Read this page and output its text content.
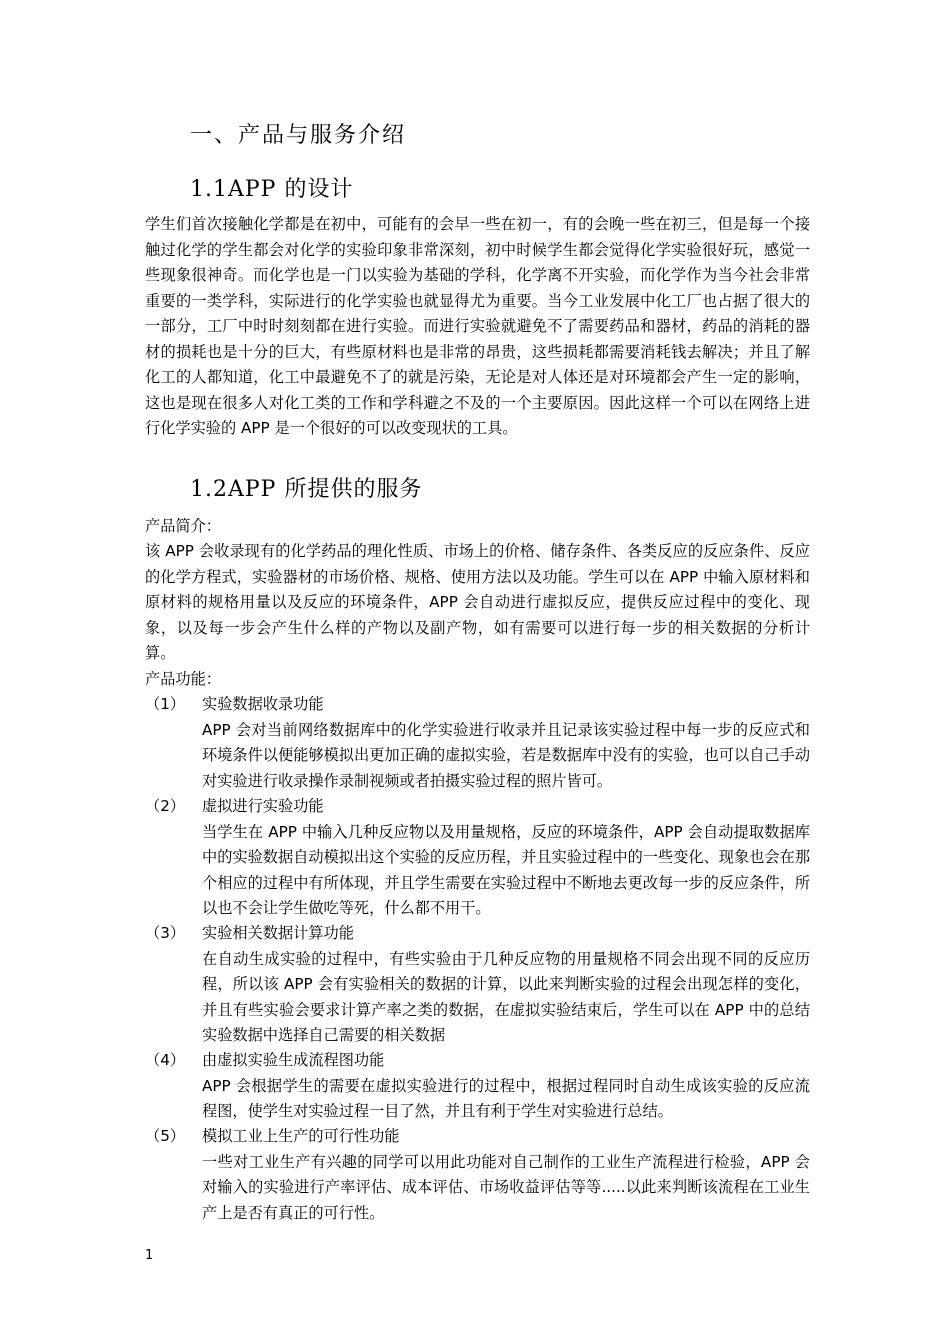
一、产品与服务介绍
1.1APP 的设计
学生们首次接触化学都是在初中，可能有的会早一些在初一，有的会晚一些在初三，但是每一个接触过化学的学生都会对化学的实验印象非常深刻，初中时候学生都会觉得化学实验很好玩，感觉一些现象很神奇。而化学也是一门以实验为基础的学科，化学离不开实验，而化学作为当今社会非常重要的一类学科，实际进行的化学实验也就显得尤为重要。当今工业发展中化工厂也占据了很大的一部分，工厂中时时刻刻都在进行实验。而进行实验就避免不了需要药品和器材，药品的消耗的器材的损耗也是十分的巨大，有些原材料也是非常的昂贵，这些损耗都需要消耗钱去解决；并且了解化工的人都知道，化工中最避免不了的就是污染，无论是对人体还是对环境都会产生一定的影响，这也是现在很多人对化工类的工作和学科避之不及的一个主要原因。因此这样一个可以在网络上进行化学实验的 APP 是一个很好的可以改变现状的工具。
1.2APP 所提供的服务
产品简介：
该 APP 会收录现有的化学药品的理化性质、市场上的价格、储存条件、各类反应的反应条件、反应的化学方程式，实验器材的市场价格、规格、使用方法以及功能。学生可以在 APP 中输入原材料和原材料的规格用量以及反应的环境条件，APP 会自动进行虚拟反应，提供反应过程中的变化、现象，以及每一步会产生什么样的产物以及副产物，如有需要可以进行每一步的相关数据的分析计算。
产品功能：
（1）	实验数据收录功能
APP 会对当前网络数据库中的化学实验进行收录并且记录该实验过程中每一步的反应式和环境条件以便能够模拟出更加正确的虚拟实验，若是数据库中没有的实验，也可以自己手动对实验进行收录操作录制视频或者拍摄实验过程的照片皆可。
（2）	虚拟进行实验功能
当学生在 APP 中输入几种反应物以及用量规格，反应的环境条件，APP 会自动提取数据库中的实验数据自动模拟出这个实验的反应历程，并且实验过程中的一些变化、现象也会在那个相应的过程中有所体现，并且学生需要在实验过程中不断地去更改每一步的反应条件，所以也不会让学生做吃等死，什么都不用干。
（3）	实验相关数据计算功能
在自动生成实验的过程中，有些实验由于几种反应物的用量规格不同会出现不同的反应历程，所以该 APP 会有实验相关的数据的计算，以此来判断实验的过程会出现怎样的变化，并且有些实验会要求计算产率之类的数据，在虚拟实验结束后，学生可以在 APP 中的总结实验数据中选择自己需要的相关数据
（4）	由虚拟实验生成流程图功能
APP 会根据学生的需要在虚拟实验进行的过程中，根据过程同时自动生成该实验的反应流程图，使学生对实验过程一目了然，并且有利于学生对实验进行总结。
（5）	模拟工业上生产的可行性功能
一些对工业生产有兴趣的同学可以用此功能对自己制作的工业生产流程进行检验，APP 会对输入的实验进行产率评估、成本评估、市场收益评估等等.....以此来判断该流程在工业生产上是否有真正的可行性。
1
